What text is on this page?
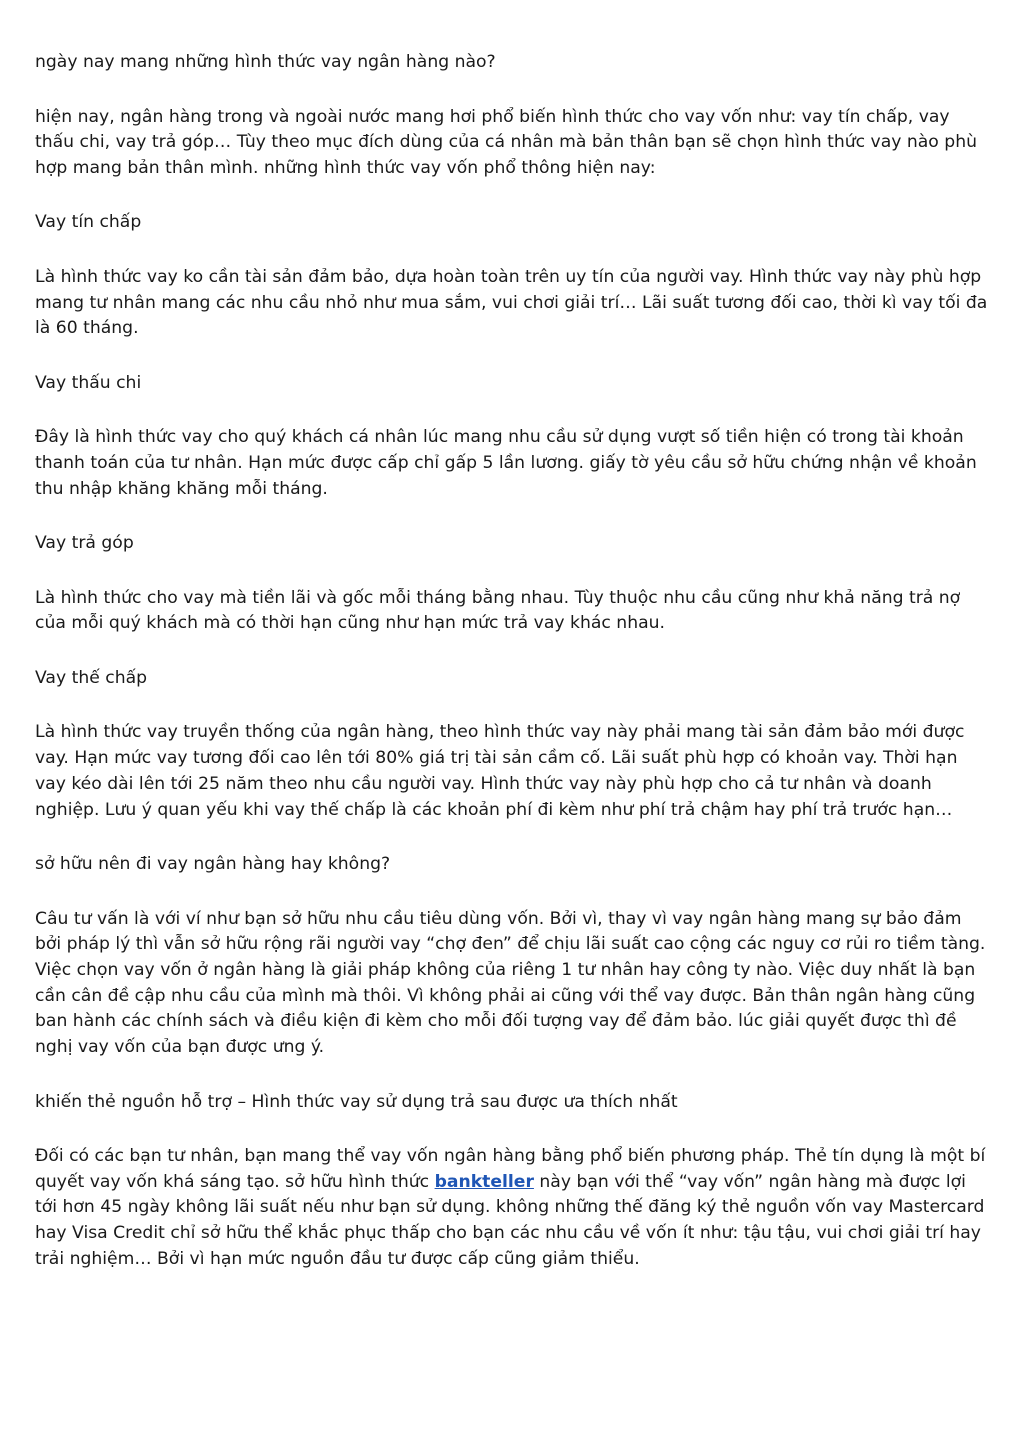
ngày nay mang những hình thức vay ngân hàng nào?

hiện nay, ngân hàng trong và ngoài nước mang hơi phổ biến hình thức cho vay vốn như: vay tín chấp, vay thấu chi, vay trả góp… Tùy theo mục đích dùng của cá nhân mà bản thân bạn sẽ chọn hình thức vay nào phù hợp mang bản thân mình. những hình thức vay vốn phổ thông hiện nay:

Vay tín chấp

Là hình thức vay ko cần tài sản đảm bảo, dựa hoàn toàn trên uy tín của người vay. Hình thức vay này phù hợp mang tư nhân mang các nhu cầu nhỏ như mua sắm, vui chơi giải trí… Lãi suất tương đối cao, thời kì vay tối đa là 60 tháng.

Vay thấu chi

Đây là hình thức vay cho quý khách cá nhân lúc mang nhu cầu sử dụng vượt số tiền hiện có trong tài khoản thanh toán của tư nhân. Hạn mức được cấp chỉ gấp 5 lần lương. giấy tờ yêu cầu sở hữu chứng nhận về khoản thu nhập khăng khăng mỗi tháng.

Vay trả góp

Là hình thức cho vay mà tiền lãi và gốc mỗi tháng bằng nhau. Tùy thuộc nhu cầu cũng như khả năng trả nợ của mỗi quý khách mà có thời hạn cũng như hạn mức trả vay khác nhau.

Vay thế chấp

Là hình thức vay truyền thống của ngân hàng, theo hình thức vay này phải mang tài sản đảm bảo mới được vay. Hạn mức vay tương đối cao lên tới 80% giá trị tài sản cầm cố. Lãi suất phù hợp có khoản vay. Thời hạn vay kéo dài lên tới 25 năm theo nhu cầu người vay. Hình thức vay này phù hợp cho cả tư nhân và doanh nghiệp. Lưu ý quan yếu khi vay thế chấp là các khoản phí đi kèm như phí trả chậm hay phí trả trước hạn…

sở hữu nên đi vay ngân hàng hay không?

Câu tư vấn là với ví như bạn sở hữu nhu cầu tiêu dùng vốn. Bởi vì, thay vì vay ngân hàng mang sự bảo đảm bởi pháp lý thì vẫn sở hữu rộng rãi người vay “chợ đen” để chịu lãi suất cao cộng các nguy cơ rủi ro tiềm tàng. Việc chọn vay vốn ở ngân hàng là giải pháp không của riêng 1 tư nhân hay công ty nào. Việc duy nhất là bạn cần cân đề cập nhu cầu của mình mà thôi. Vì không phải ai cũng với thể vay được. Bản thân ngân hàng cũng ban hành các chính sách và điều kiện đi kèm cho mỗi đối tượng vay để đảm bảo. lúc giải quyết được thì đề nghị vay vốn của bạn được ưng ý.

khiến thẻ nguồn hỗ trợ – Hình thức vay sử dụng trả sau được ưa thích nhất

Đối có các bạn tư nhân, bạn mang thể vay vốn ngân hàng bằng phổ biến phương pháp. Thẻ tín dụng là một bí quyết vay vốn khá sáng tạo. sở hữu hình thức bankteller này bạn với thể “vay vốn” ngân hàng mà được lợi tới hơn 45 ngày không lãi suất nếu như bạn sử dụng. không những thế đăng ký thẻ nguồn vốn vay Mastercard hay Visa Credit chỉ sở hữu thể khắc phục thấp cho bạn các nhu cầu về vốn ít như: tậu tậu, vui chơi giải trí hay trải nghiệm… Bởi vì hạn mức nguồn đầu tư được cấp cũng giảm thiểu.
